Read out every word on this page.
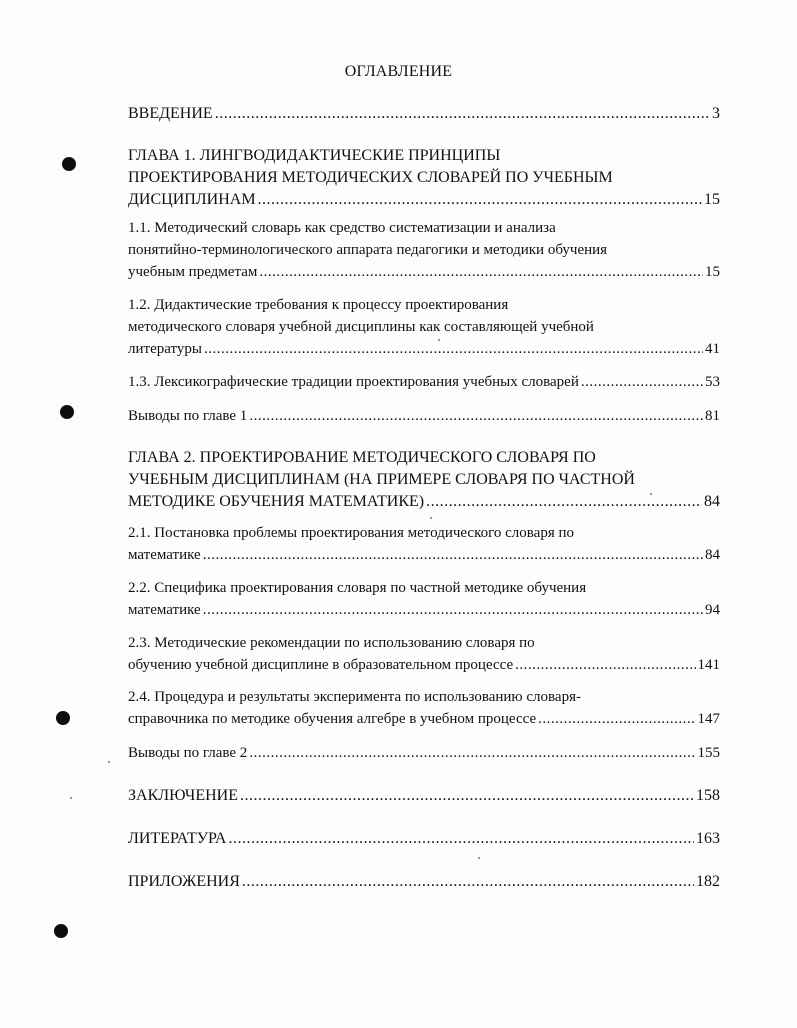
ОГЛАВЛЕНИЕ
ВВЕДЕНИЕ .....	3
ГЛАВА 1. ЛИНГВОДИДАКТИЧЕСКИЕ ПРИНЦИПЫ
ПРОЕКТИРОВАНИЯ МЕТОДИЧЕСКИХ СЛОВАРЕЙ ПО УЧЕБНЫМ
ДИСЦИПЛИНАМ .....	15
1.1. Методический словарь как средство систематизации и анализа
понятийно-терминологического аппарата педагогики и методики обучения
учебным предметам .....	15
1.2. Дидактические требования к процессу проектирования
методического словаря учебной дисциплины как составляющей учебной
литературы .....	41
1.3. Лексикографические традиции проектирования учебных словарей .....	53
Выводы по главе 1 .....	81
ГЛАВА 2. ПРОЕКТИРОВАНИЕ МЕТОДИЧЕСКОГО СЛОВАРЯ ПО
УЧЕБНЫМ ДИСЦИПЛИНАМ (НА ПРИМЕРЕ СЛОВАРЯ ПО ЧАСТНОЙ
МЕТОДИКЕ ОБУЧЕНИЯ МАТЕМАТИКЕ) .....	84
2.1. Постановка проблемы проектирования методического словаря по
математике .....	84
2.2. Специфика проектирования словаря по частной методике обучения
математике .....	94
2.3. Методические рекомендации по использованию словаря по
обучению учебной дисциплине в образовательном процессе .....	141
2.4. Процедура и результаты эксперимента по использованию словаря-
справочника по методике обучения алгебре в учебном процессе .....	147
Выводы по главе 2 .....	155
ЗАКЛЮЧЕНИЕ .....	158
ЛИТЕРАТУРА .....	163
ПРИЛОЖЕНИЯ .....	182
